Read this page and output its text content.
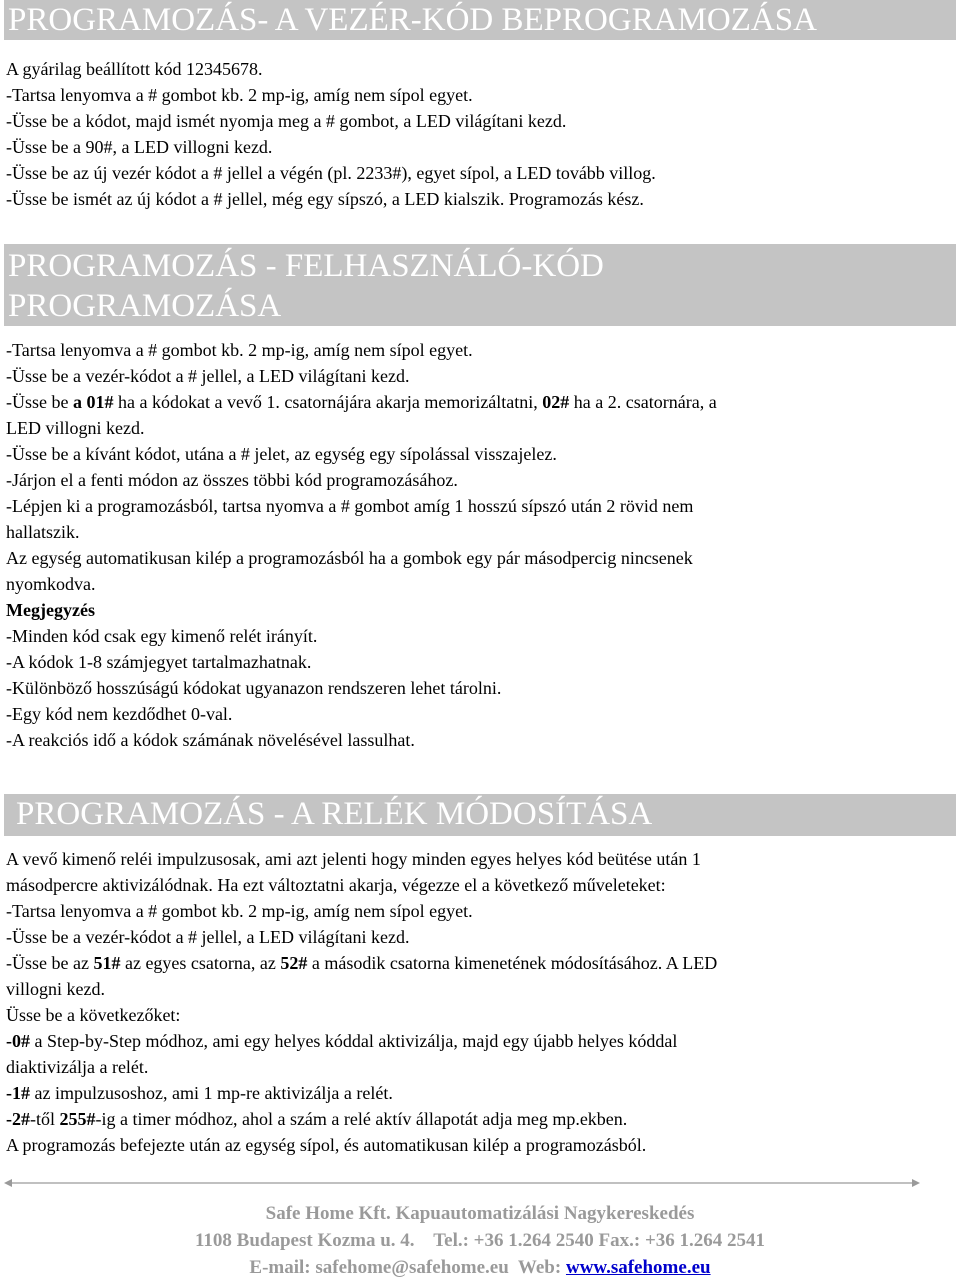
PROGRAMOZÁS- A VEZÉR-KÓD BEPROGRAMOZÁSA
A gyárilag beállított kód 12345678.
-Tartsa lenyomva a # gombot kb. 2 mp-ig, amíg nem sípol egyet.
-Üsse be a kódot, majd ismét nyomja meg a # gombot, a LED világítani kezd.
-Üsse be a 90#, a LED villogni kezd.
-Üsse be az új vezér kódot a # jellel a végén (pl. 2233#), egyet sípol, a LED tovább villog.
-Üsse be ismét az új kódot a # jellel, még egy sípszó, a LED kialszik. Programozás kész.
PROGRAMOZÁS - FELHASZNÁLÓ-KÓD
PROGRAMOZÁSA
-Tartsa lenyomva a # gombot kb. 2 mp-ig, amíg nem sípol egyet.
-Üsse be a vezér-kódot a # jellel, a LED világítani kezd.
-Üsse be a 01# ha a kódokat a vevő 1. csatornájára akarja memorizáltatni, 02# ha a 2. csatornára, a
LED villogni kezd.
-Üsse be a kívánt kódot, utána a # jelet, az egység egy sípolással visszajelez.
-Járjon el a fenti módon az összes többi kód programozásához.
-Lépjen ki a programozásból, tartsa nyomva a # gombot amíg 1 hosszú sípszó után 2 rövid nem
hallatszik.
Az egység automatikusan kilép a programozásból ha a gombok egy pár másodpercig nincsenek
nyomkodva.
Megjegyzés
-Minden kód csak egy kimenő relét irányít.
-A kódok 1-8 számjegyet tartalmazhatnak.
-Különböző hosszúságú kódokat ugyanazon rendszeren lehet tárolni.
-Egy kód nem kezdődhet 0-val.
-A reakciós idő a kódok számának növelésével lassulhat.
PROGRAMOZÁS - A RELÉK MÓDOSÍTÁSA
A vevő kimenő reléi impulzusosak, ami azt jelenti hogy minden egyes helyes kód beütése után 1
másodpercre aktivizálódnak. Ha ezt változtatni akarja, végezze el a következő műveleteket:
-Tartsa lenyomva a # gombot kb. 2 mp-ig, amíg nem sípol egyet.
-Üsse be a vezér-kódot a # jellel, a LED világítani kezd.
-Üsse be az 51# az egyes csatorna, az 52# a második csatorna kimenetének módosításához. A LED
villogni kezd.
Üsse be a következőket:
-0# a Step-by-Step módhoz, ami egy helyes kóddal aktivizálja, majd egy újabb helyes kóddal
diaktivizálja a relét.
-1# az impulzusoshoz, ami 1 mp-re aktivizálja a relét.
-2#-től 255#-ig a timer módhoz, ahol a szám a relé aktív állapotát adja meg mp.ekben.
A programozás befejezte után az egység sípol, és automatikusan kilép a programozásból.
Safe Home Kft. Kapuautomatizálási Nagykereskedés
1108 Budapest Kozma u. 4.    Tel.: +36 1.264 2540 Fax.: +36 1.264 2541
E-mail: safehome@safehome.eu  Web: www.safehome.eu
